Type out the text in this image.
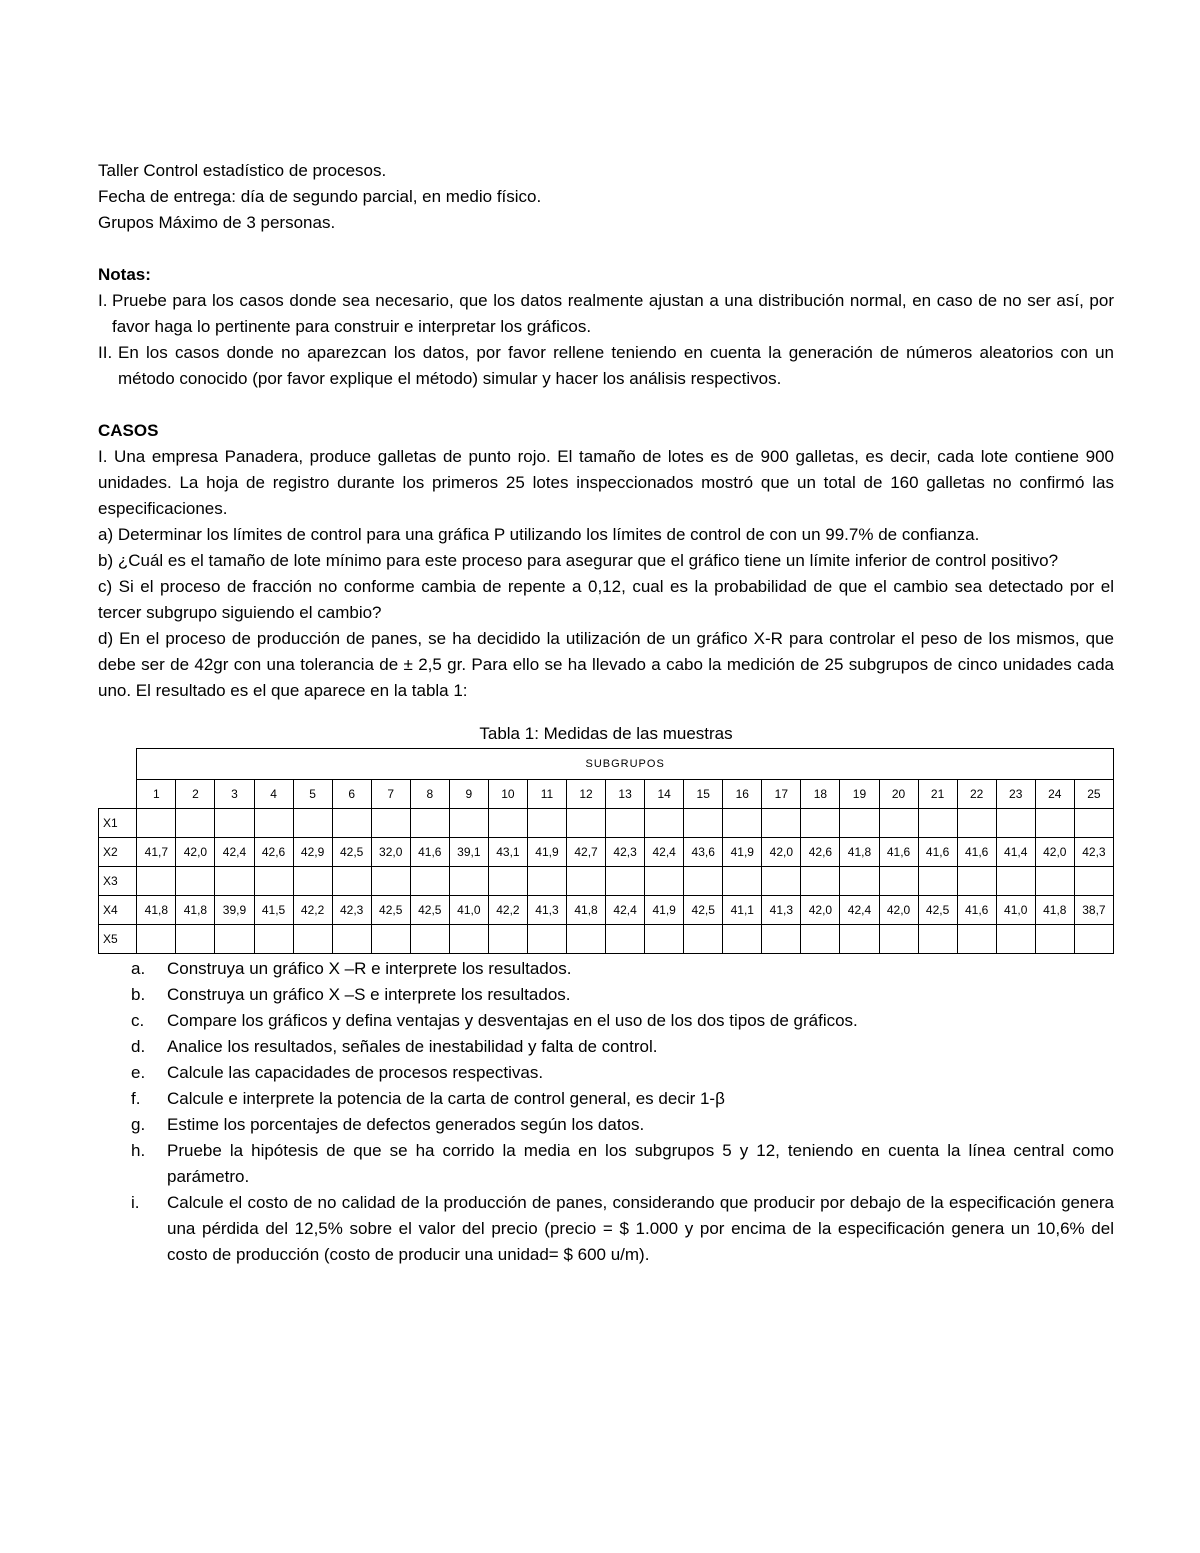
Taller Control estadístico de procesos.

Fecha de entrega: día de segundo parcial, en medio físico.

Grupos Máximo de 3 personas.

Notas:

I. Pruebe para los casos donde sea necesario, que los datos realmente ajustan a una distribución normal, en caso de no ser así, por favor haga lo pertinente para construir e interpretar los gráficos.
II. En los casos donde no aparezcan los datos, por favor rellene teniendo en cuenta la generación de números aleatorios con un método conocido (por favor explique el método) simular y hacer los análisis respectivos.

CASOS

I. Una empresa Panadera, produce galletas de punto rojo. El tamaño de lotes es de 900 galletas, es decir, cada lote contiene 900 unidades. La hoja de registro durante los primeros 25 lotes inspeccionados mostró que un total de 160 galletas no confirmó las especificaciones.

a) Determinar los límites de control para una gráfica P utilizando los límites de control de con un 99.7% de confianza.

b) ¿Cuál es el tamaño de lote mínimo para este proceso para asegurar que el gráfico tiene un límite inferior de control positivo?

c) Si el proceso de fracción no conforme cambia de repente a 0,12, cual es la probabilidad de que el cambio sea detectado por el tercer subgrupo siguiendo el cambio?

d) En el proceso de producción de panes, se ha decidido la utilización de un gráfico X-R para controlar el peso de los mismos, que debe ser de 42gr con una tolerancia de ± 2,5 gr. Para ello se ha llevado a cabo la medición de 25 subgrupos de cinco unidades cada uno. El resultado es el que aparece en la tabla 1:

Tabla 1: Medidas de las muestras
	SUBGRUPOS																								
	1	2	3	4	5	6	7	8	9	10	11	12	13	14	15	16	17	18	19	20	21	22	23	24	25
X1																									
X2	41,7	42,0	42,4	42,6	42,9	42,5	32,0	41,6	39,1	43,1	41,9	42,7	42,3	42,4	43,6	41,9	42,0	42,6	41,8	41,6	41,6	41,6	41,4	42,0	42,3
X3																									
X4	41,8	41,8	39,9	41,5	42,2	42,3	42,5	42,5	41,0	42,2	41,3	41,8	42,4	41,9	42,5	41,1	41,3	42,0	42,4	42,0	42,5	41,6	41,0	41,8	38,7
X5																									
a.	Construya un gráfico X –R e interprete los resultados.
b.	Construya un gráfico X –S e interprete los resultados.
c.	Compare los gráficos y defina ventajas y desventajas en el uso de los dos tipos de gráficos.
d.	Analice los resultados, señales de inestabilidad y falta de control.
e.	Calcule las capacidades de procesos respectivas.
f.	Calcule e interprete la potencia de la carta de control general, es decir 1-β
g.	Estime los porcentajes de defectos generados según los datos.
h.	Pruebe la hipótesis de que se ha corrido la media en los subgrupos 5 y 12, teniendo en cuenta la línea central como parámetro.
i.	Calcule el costo de no calidad de la producción de panes, considerando que producir por debajo de la especificación genera una pérdida del 12,5% sobre el valor del precio (precio = $ 1.000 y por encima de la especificación genera un 10,6% del costo de producción (costo de producir una unidad= $ 600 u/m).
